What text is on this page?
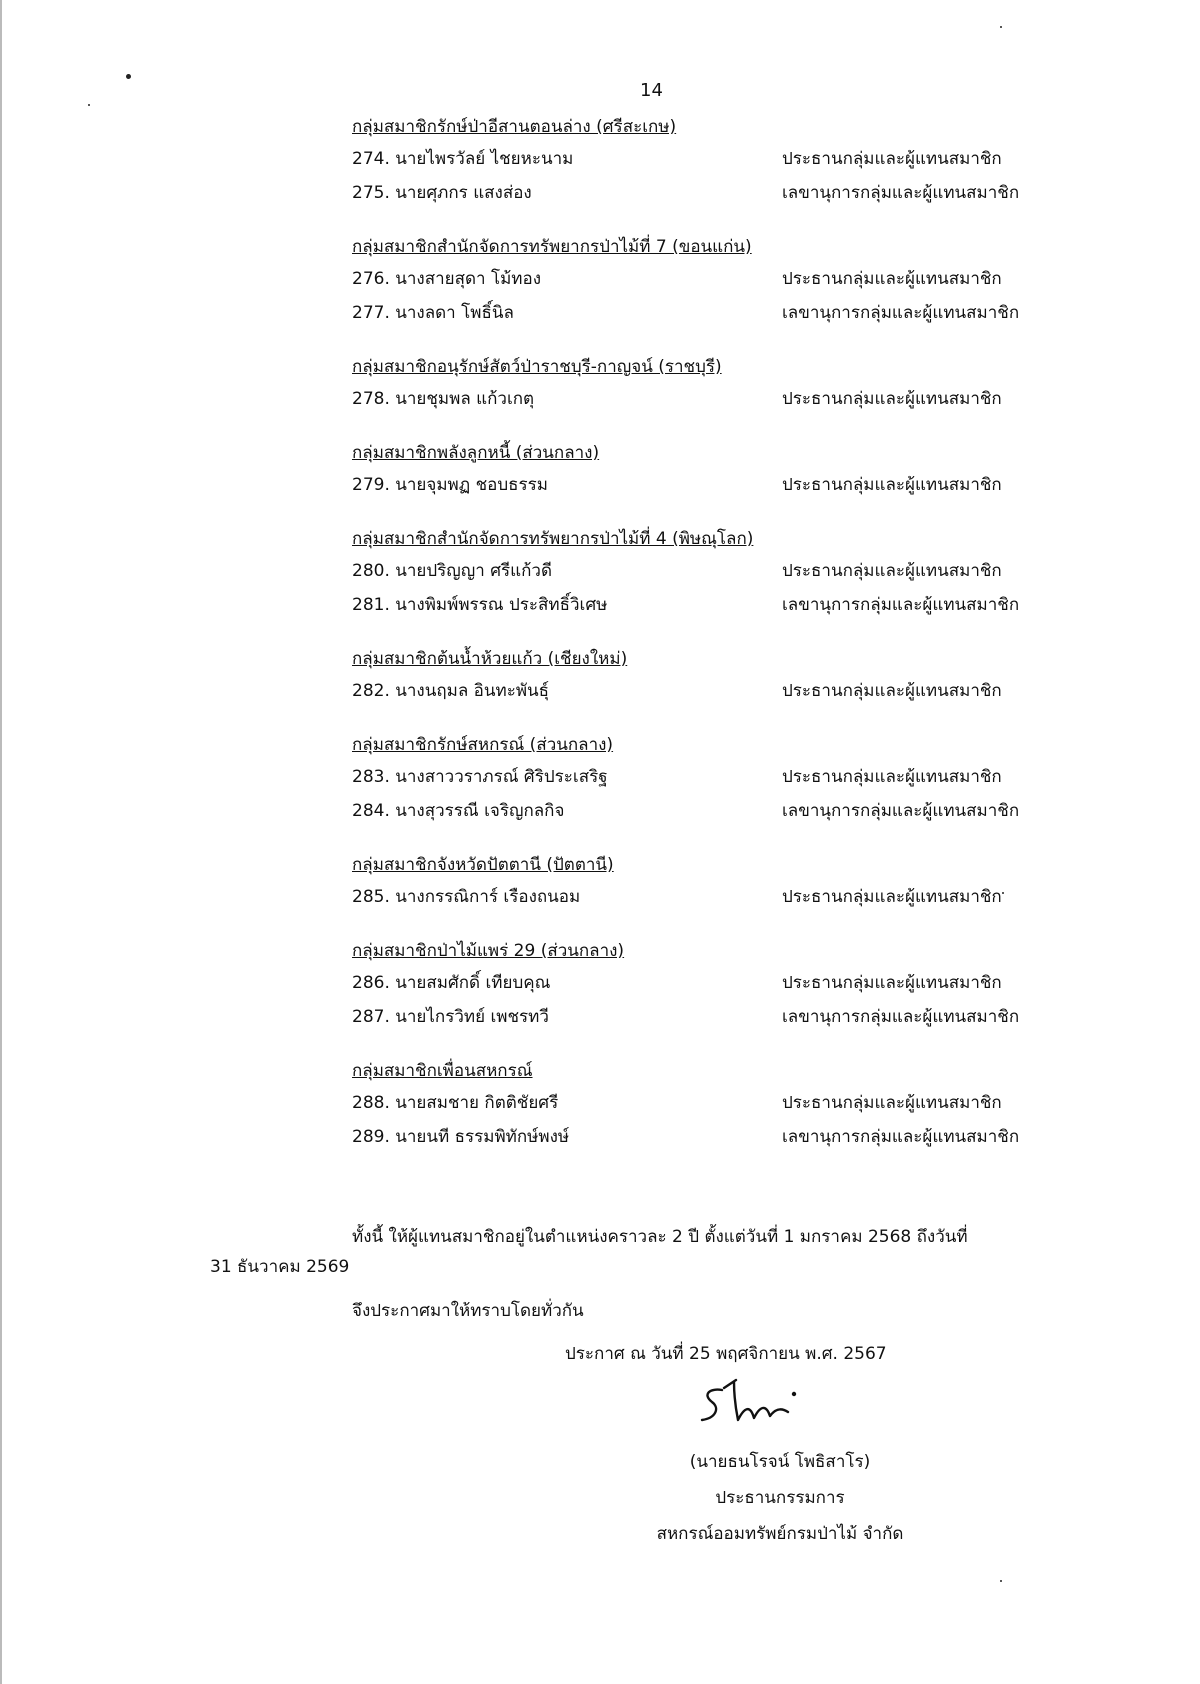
14
กลุ่มสมาชิกรักษ์ป่าอีสานตอนล่าง (ศรีสะเกษ)
274. นายไพรวัลย์ ไชยหะนาม	ประธานกลุ่มและผู้แทนสมาชิก
275. นายศุภกร แสงส่อง	เลขานุการกลุ่มและผู้แทนสมาชิก
กลุ่มสมาชิกสำนักจัดการทรัพยากรป่าไม้ที่ 7 (ขอนแก่น)
276. นางสายสุดา โม้ทอง	ประธานกลุ่มและผู้แทนสมาชิก
277. นางลดา โพธิ์นิล	เลขานุการกลุ่มและผู้แทนสมาชิก
กลุ่มสมาชิกอนุรักษ์สัตว์ป่าราชบุรี-กาญจน์ (ราชบุรี)
278. นายชุมพล แก้วเกตุ	ประธานกลุ่มและผู้แทนสมาชิก
กลุ่มสมาชิกพลังลูกหนี้ (ส่วนกลาง)
279. นายจุมพฏ ชอบธรรม	ประธานกลุ่มและผู้แทนสมาชิก
กลุ่มสมาชิกสำนักจัดการทรัพยากรป่าไม้ที่ 4 (พิษณุโลก)
280. นายปริญญา ศรีแก้วดี	ประธานกลุ่มและผู้แทนสมาชิก
281. นางพิมพ์พรรณ ประสิทธิ์วิเศษ	เลขานุการกลุ่มและผู้แทนสมาชิก
กลุ่มสมาชิกต้นน้ำห้วยแก้ว (เชียงใหม่)
282. นางนฤมล อินทะพันธุ์	ประธานกลุ่มและผู้แทนสมาชิก
กลุ่มสมาชิกรักษ์สหกรณ์ (ส่วนกลาง)
283. นางสาววราภรณ์ ศิริประเสริฐ	ประธานกลุ่มและผู้แทนสมาชิก
284. นางสุวรรณี เจริญกลกิจ	เลขานุการกลุ่มและผู้แทนสมาชิก
กลุ่มสมาชิกจังหวัดปัตตานี (ปัตตานี)
285. นางกรรณิการ์ เรืองถนอม	ประธานกลุ่มและผู้แทนสมาชิก
กลุ่มสมาชิกป่าไม้แพร่ 29 (ส่วนกลาง)
286. นายสมศักดิ์ เทียบคุณ	ประธานกลุ่มและผู้แทนสมาชิก
287. นายไกรวิทย์ เพชรทวี	เลขานุการกลุ่มและผู้แทนสมาชิก
กลุ่มสมาชิกเพื่อนสหกรณ์
288. นายสมชาย กิตติชัยศรี	ประธานกลุ่มและผู้แทนสมาชิก
289. นายนที ธรรมพิทักษ์พงษ์	เลขานุการกลุ่มและผู้แทนสมาชิก
ทั้งนี้ ให้ผู้แทนสมาชิกอยู่ในตำแหน่งคราวละ 2 ปี ตั้งแต่วันที่ 1 มกราคม 2568 ถึงวันที่
31 ธันวาคม 2569
จึงประกาศมาให้ทราบโดยทั่วกัน
ประกาศ ณ วันที่ 25 พฤศจิกายน พ.ศ. 2567
(นายธนโรจน์ โพธิสาโร)
ประธานกรรมการ
สหกรณ์ออมทรัพย์กรมป่าไม้ จำกัด
